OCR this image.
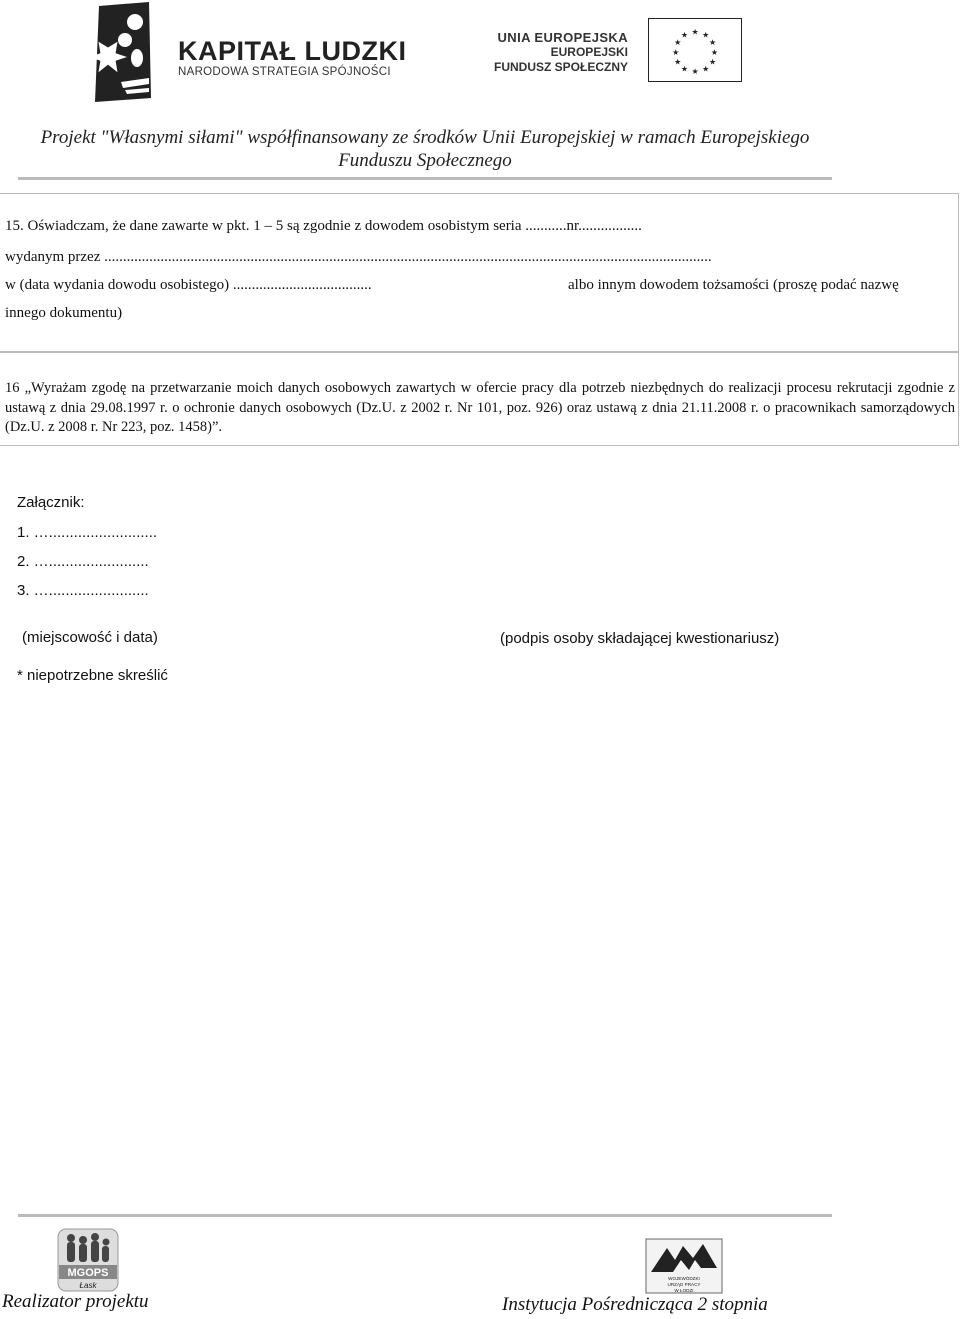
KAPITAŁ LUDZKI
NARODOWA STRATEGIA SPÓJNOŚCI
UNIA EUROPEJSKA
EUROPEJSKI
FUNDUSZ SPOŁECZNY
★ ★
★
★
★
★
★
★
★
★
★
★
Projekt "Własnymi siłami" współfinansowany ze środków Unii Europejskiej w ramach Europejskiego
Funduszu Społecznego
15. Oświadczam, że dane zawarte w pkt. 1 – 5 są zgodnie z dowodem osobistym seria ...........nr.................
wydanym przez ..................................................................................................................................................................
w (data wydania dowodu osobistego) .....................................	albo innym dowodem tożsamości (proszę podać nazwę
innego dokumentu)
16 „Wyrażam zgodę na przetwarzanie moich danych osobowych zawartych w ofercie pracy dla potrzeb niezbędnych do realizacji procesu rekrutacji zgodnie z ustawą z dnia 29.08.1997 r. o ochronie danych osobowych (Dz.U. z 2002 r. Nr 101, poz. 926) oraz ustawą z dnia 21.11.2008 r. o pracownikach samorządowych (Dz.U. z 2008 r. Nr 223, poz. 1458)”.
Załącznik:
1. …..........................
2. …........................
3. …........................
(miejscowość i data)	(podpis osoby składającej kwestionariusz)
* niepotrzebne skreślić
MGOPS
Łask
WOJEWÓDZKI
URZĄD PRACY
W ŁODZI
Realizator projektu	Instytucja Pośrednicząca 2 stopnia
